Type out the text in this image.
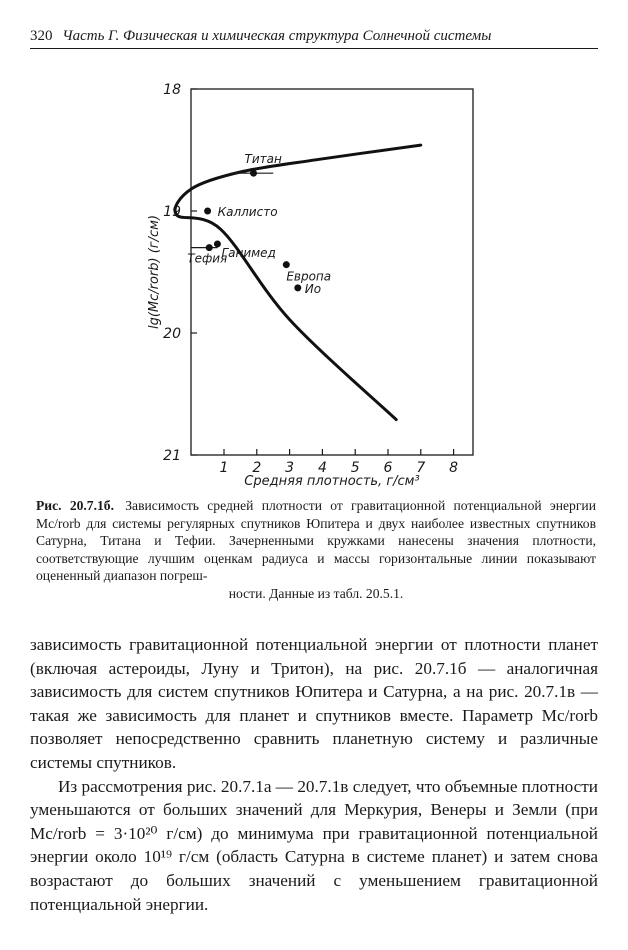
320 Часть Г. Физическая и химическая структура Солнечной системы
18
19
20
21
1 2 3 4 5 6 7 8
Тефия
Титан
Каллисто
Ганимед
Европа
Ио
Средняя плотность, г/см³
lg(Mc/rorb) (г/см)
Рис. 20.7.1б. Зависимость средней плотности от гравитационной потенциальной энергии Mc/rorb для системы регулярных спутников Юпитера и двух наиболее известных спутников Сатурна, Титана и Тефии. Зачерненными кружками нанесены значения плотности, соответствующие лучшим оценкам радиуса и массы горизонтальные линии показывают оцененный диапазон погреш-
ности. Данные из табл. 20.5.1.

зависимость гравитационной потенциальной энергии от плотности планет (включая астероиды, Луну и Тритон), на рис. 20.7.1б — аналогичная зависимость для систем спутников Юпитера и Сатурна, а на рис. 20.7.1в — такая же зависимость для планет и спутников вместе. Параметр Mc/rorb позволяет непосредственно сравнить планетную систему и различные системы спутников.

Из рассмотрения рис. 20.7.1а — 20.7.1в следует, что объемные плотности уменьшаются от больших значений для Меркурия, Венеры и Земли (при Mc/rorb = 3·10²⁰ г/см) до минимума при гравитационной потенциальной энергии около 10¹⁹ г/см (область Сатурна в системе планет) и затем снова возрастают до больших значений с уменьшением гравитационной потенциальной энергии.
